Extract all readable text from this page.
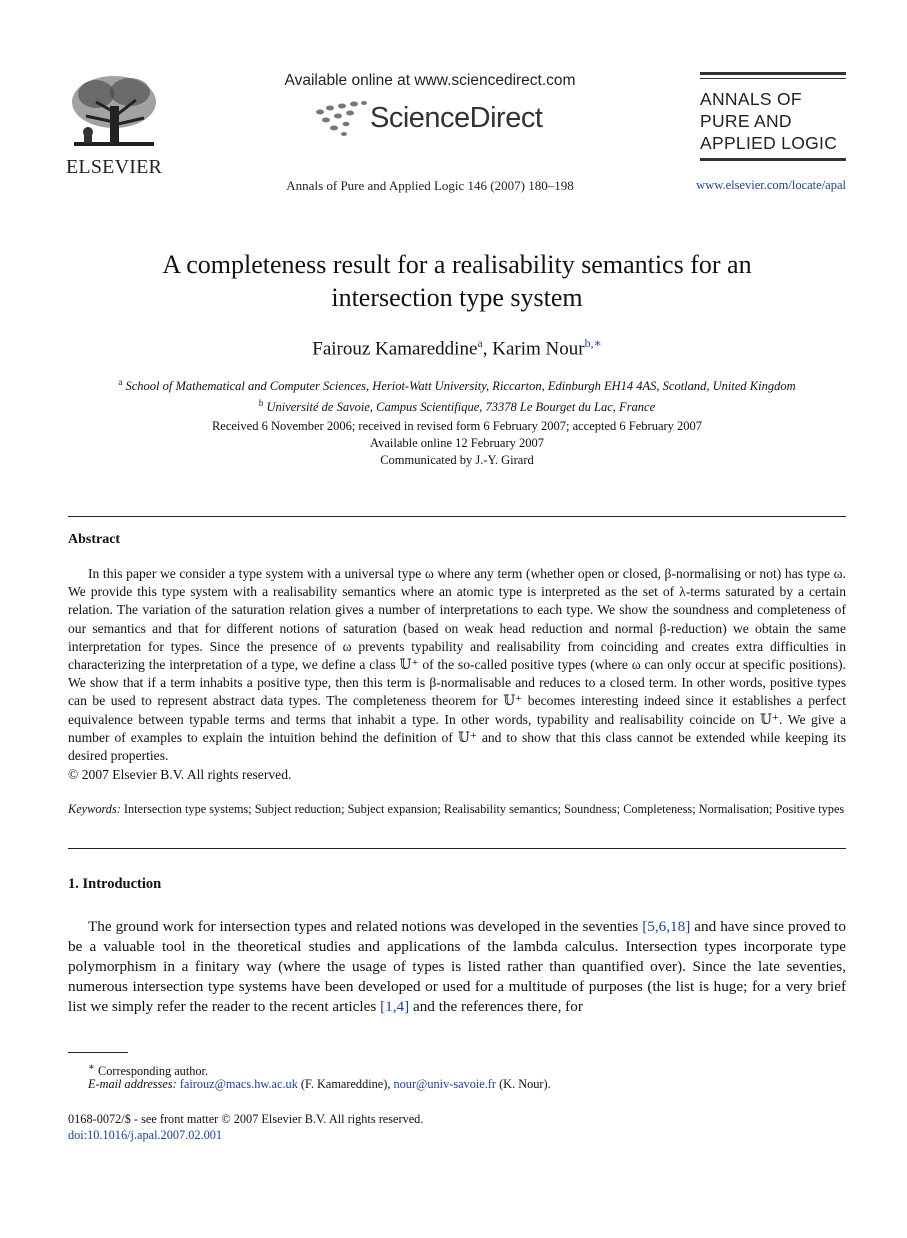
ELSEVIER
Available online at www.sciencedirect.com
ScienceDirect
Annals of Pure and Applied Logic 146 (2007) 180–198
ANNALS OF
PURE AND
APPLIED LOGIC
www.elsevier.com/locate/apal
A completeness result for a realisability semantics for an
intersection type system
Fairouz Kamareddine$^a$, Karim Nour$^{b,∗}$
$^a$ School of Mathematical and Computer Sciences, Heriot-Watt University, Riccarton, Edinburgh EH14 4AS, Scotland, United Kingdom
$^b$ Université de Savoie, Campus Scientifique, 73378 Le Bourget du Lac, France
Received 6 November 2006; received in revised form 6 February 2007; accepted 6 February 2007
Available online 12 February 2007
Communicated by J.-Y. Girard
Abstract

In this paper we consider a type system with a universal type ω where any term (whether open or closed, β-normalising or not) has type ω. We provide this type system with a realisability semantics where an atomic type is interpreted as the set of λ-terms saturated by a certain relation. The variation of the saturation relation gives a number of interpretations to each type. We show the soundness and completeness of our semantics and that for different notions of saturation (based on weak head reduction and normal β-reduction) we obtain the same interpretation for types. Since the presence of ω prevents typability and realisability from coinciding and creates extra difficulties in characterizing the interpretation of a type, we define a class 𝕌⁺ of the so-called positive types (where ω can only occur at specific positions). We show that if a term inhabits a positive type, then this term is β-normalisable and reduces to a closed term. In other words, positive types can be used to represent abstract data types. The completeness theorem for 𝕌⁺ becomes interesting indeed since it establishes a perfect equivalence between typable terms and terms that inhabit a type. In other words, typability and realisability coincide on 𝕌⁺. We give a number of examples to explain the intuition behind the definition of 𝕌⁺ and to show that this class cannot be extended while keeping its desired properties.

© 2007 Elsevier B.V. All rights reserved.
Keywords: Intersection type systems; Subject reduction; Subject expansion; Realisability semantics; Soundness; Completeness; Normalisation; Positive types
1. Introduction

The ground work for intersection types and related notions was developed in the seventies [5,6,18] and have since proved to be a valuable tool in the theoretical studies and applications of the lambda calculus. Intersection types incorporate type polymorphism in a finitary way (where the usage of types is listed rather than quantified over). Since the late seventies, numerous intersection type systems have been developed or used for a multitude of purposes (the list is huge; for a very brief list we simply refer the reader to the recent articles [1,4] and the references there, for

∗ Corresponding author.
E-mail addresses: fairouz@macs.hw.ac.uk (F. Kamareddine), nour@univ-savoie.fr (K. Nour).
0168-0072/$ - see front matter © 2007 Elsevier B.V. All rights reserved.
doi:10.1016/j.apal.2007.02.001
